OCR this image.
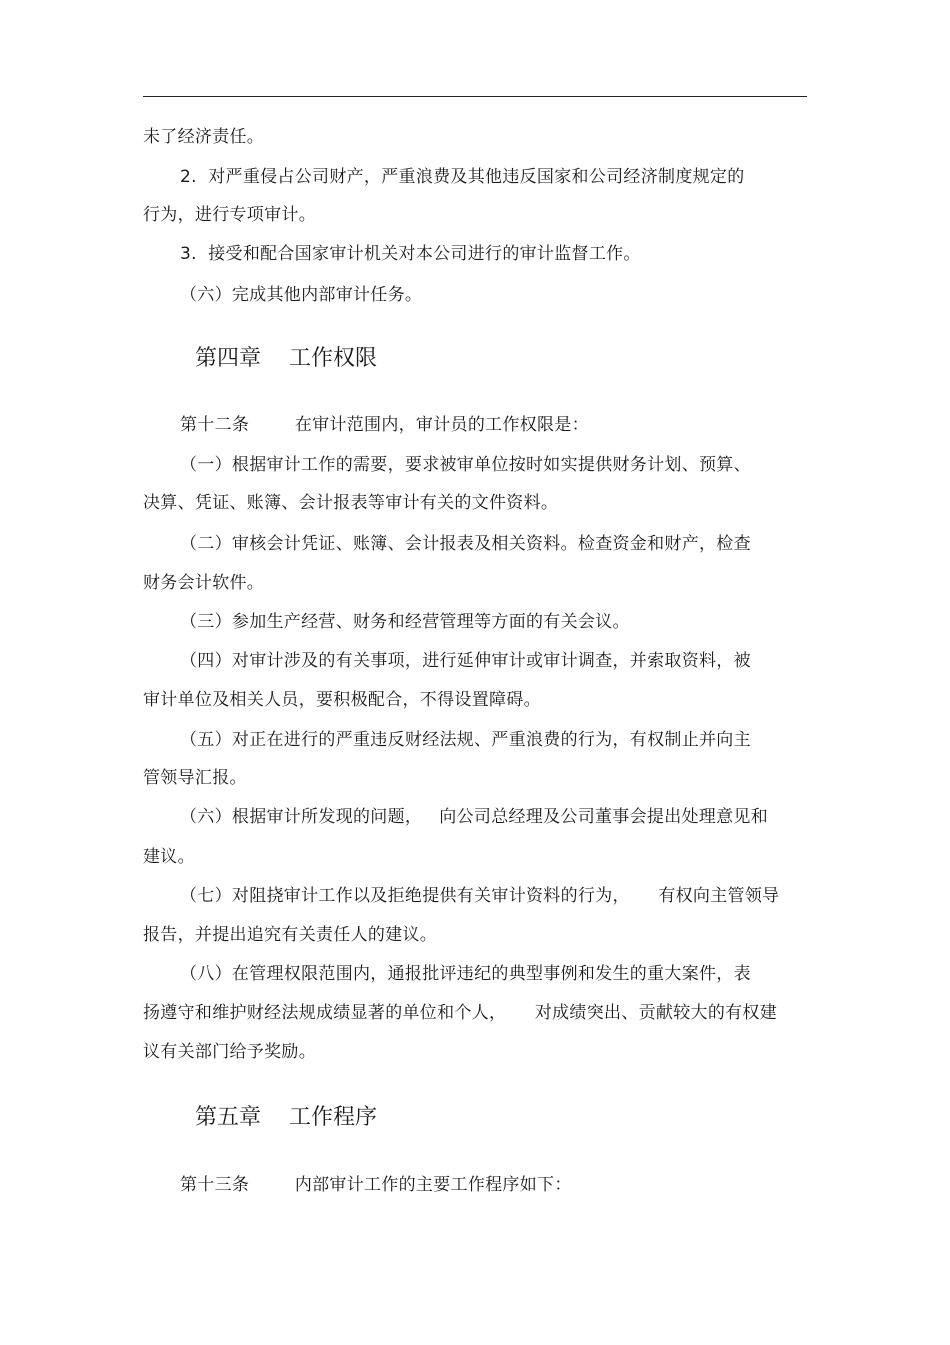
未了经济责任。
2.  对严重侵占公司财产，严重浪费及其他违反国家和公司经济制度规定的
行为，进行专项审计。
3.  接受和配合国家审计机关对本公司进行的审计监督工作。
（六）完成其他内部审计任务。
第四章    工作权限
第十二条        在审计范围内，审计员的工作权限是：
（一）根据审计工作的需要，要求被审单位按时如实提供财务计划、预算、
决算、凭证、账簿、会计报表等审计有关的文件资料。
（二）审核会计凭证、账簿、会计报表及相关资料。检查资金和财产，检查
财务会计软件。
（三）参加生产经营、财务和经营管理等方面的有关会议。
（四）对审计涉及的有关事项，进行延伸审计或审计调查，并索取资料，被
审计单位及相关人员，要积极配合，不得设置障碍。
（五）对正在进行的严重违反财经法规、严重浪费的行为，有权制止并向主
管领导汇报。
（六）根据审计所发现的问题，   向公司总经理及公司董事会提出处理意见和
建议。
（七）对阻挠审计工作以及拒绝提供有关审计资料的行为，     有权向主管领导
报告，并提出追究有关责任人的建议。
（八）在管理权限范围内，通报批评违纪的典型事例和发生的重大案件，表
扬遵守和维护财经法规成绩显著的单位和个人，     对成绩突出、贡献较大的有权建
议有关部门给予奖励。
第五章    工作程序
第十三条        内部审计工作的主要工作程序如下：
